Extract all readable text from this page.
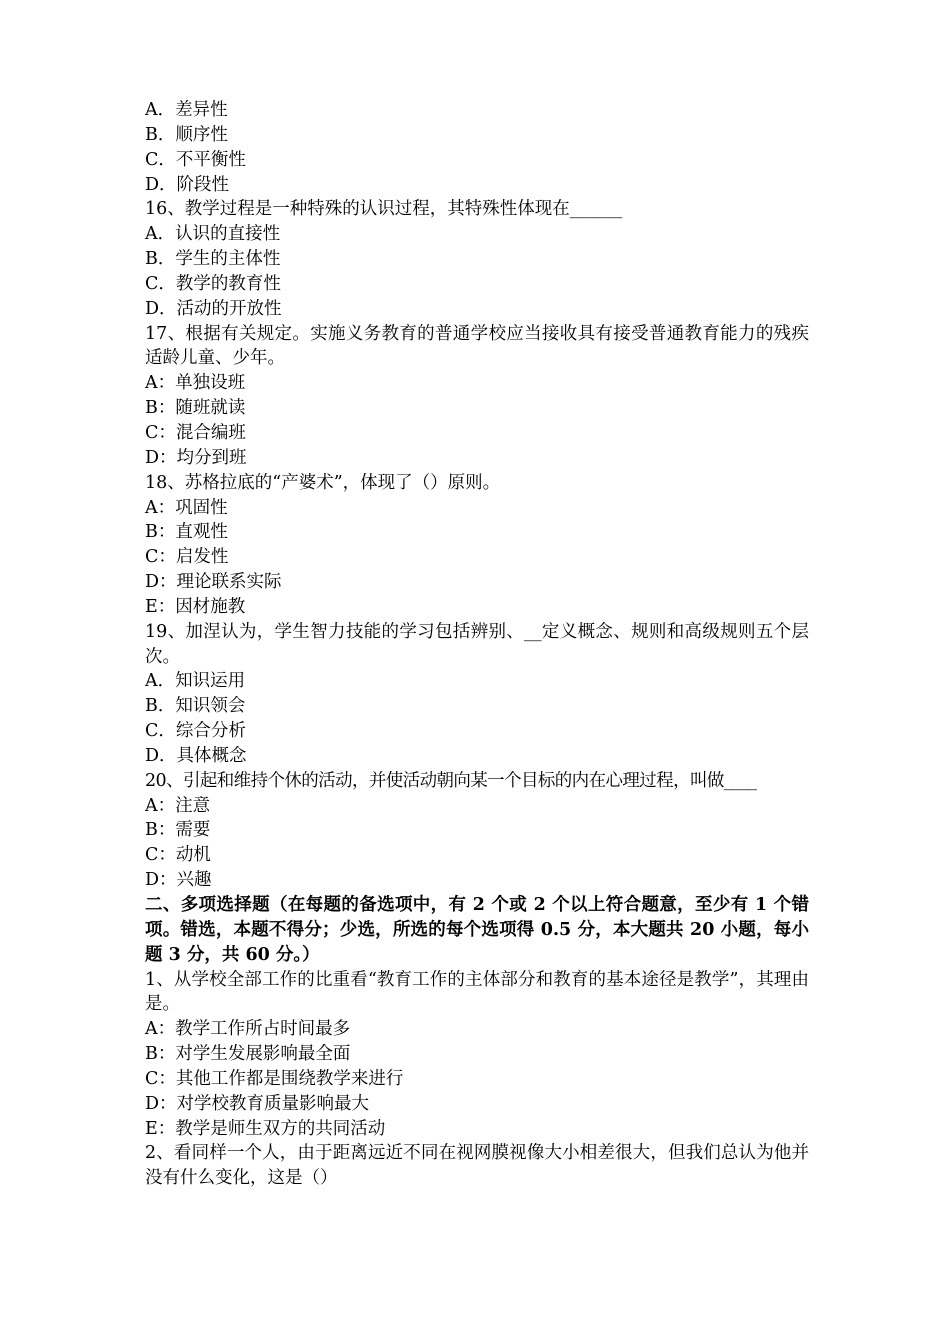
A．差异性
B．顺序性
C．不平衡性
D．阶段性
16、教学过程是一种特殊的认识过程，其特殊性体现在______
A．认识的直接性
B．学生的主体性
C．教学的教育性
D．活动的开放性
17、根据有关规定。实施义务教育的普通学校应当接收具有接受普通教育能力的残疾适龄儿童、少年。
A：单独设班
B：随班就读
C：混合编班
D：均分到班
18、苏格拉底的“产婆术”，体现了（）原则。
A：巩固性
B：直观性
C：启发性
D：理论联系实际
E：因材施教
19、加涅认为，学生智力技能的学习包括辨别、__定义概念、规则和高级规则五个层次。
A．知识运用
B．知识领会
C．综合分析
D．具体概念
20、引起和维持个休的活动，并使活动朝向某一个目标的内在心理过程，叫做____
A：注意
B：需要
C：动机
D：兴趣
二、多项选择题（在每题的备选项中，有 2 个或 2 个以上符合题意，至少有 1 个错项。错选，本题不得分；少选，所选的每个选项得 0.5 分，本大题共 20 小题，每小题 3 分，共 60 分。）
1、从学校全部工作的比重看“教育工作的主体部分和教育的基本途径是教学”，其理由是。
A：教学工作所占时间最多
B：对学生发展影响最全面
C：其他工作都是围绕教学来进行
D：对学校教育质量影响最大
E：教学是师生双方的共同活动
2、看同样一个人，由于距离远近不同在视网膜视像大小相差很大，但我们总认为他并没有什么变化，这是（）
